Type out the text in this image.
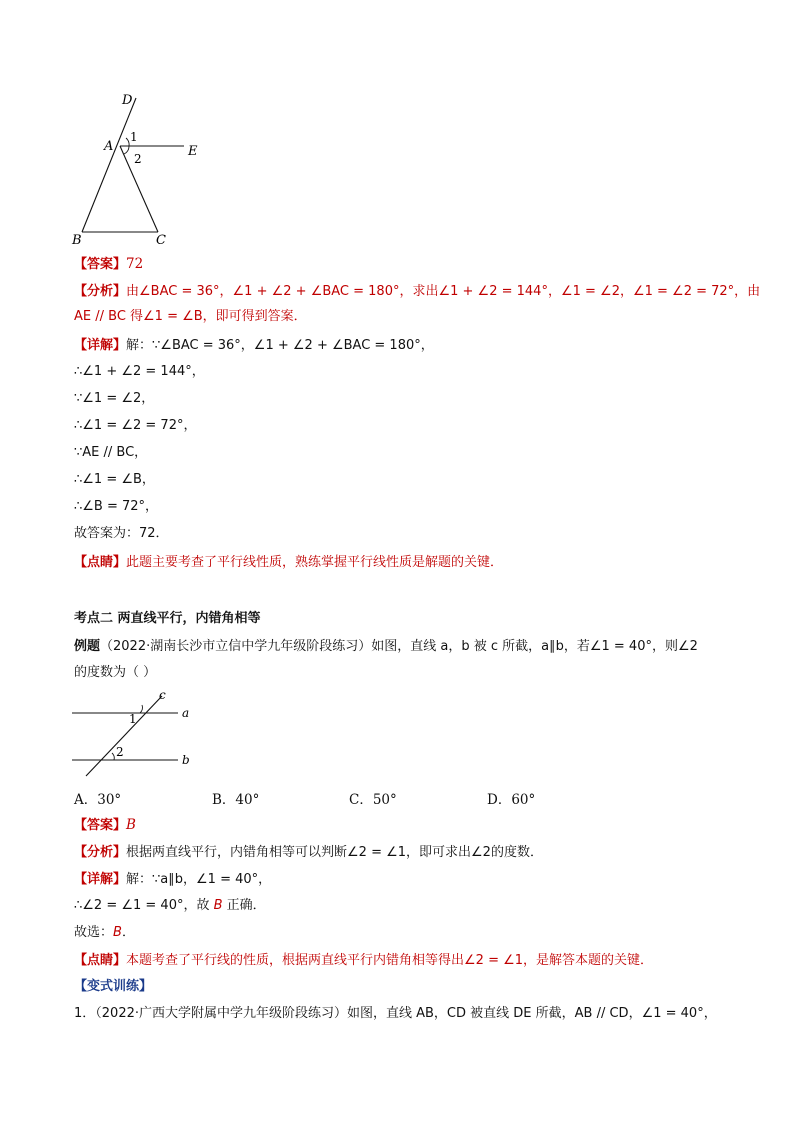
D
A	E
B	C
1
2
【答案】72
【分析】由∠BAC = 36°，∠1 + ∠2 + ∠BAC = 180°，求出∠1 + ∠2 = 144°，∠1 = ∠2，∠1 = ∠2 = 72°，由
AE // BC 得∠1 = ∠B，即可得到答案．
【详解】解：∵∠BAC = 36°，∠1 + ∠2 + ∠BAC = 180°，
∴∠1 + ∠2 = 144°，
∵∠1 = ∠2，
∴∠1 = ∠2 = 72°，
∵AE // BC，
∴∠1 = ∠B，
∴∠B = 72°，
故答案为：72．
【点睛】此题主要考查了平行线性质，熟练掌握平行线性质是解题的关键．
考点二 两直线平行，内错角相等
例题（2022·湖南长沙市立信中学九年级阶段练习）如图，直线 a，b 被 c 所截，a∥b，若∠1 = 40°，则∠2
的度数为（ ）
c
a
b
1
2
A．30°	B．40°	C．50°	D．60°
【答案】B
【分析】根据两直线平行，内错角相等可以判断∠2 = ∠1，即可求出∠2的度数．
【详解】解：∵a∥b，∠1 = 40°，
∴∠2 = ∠1 = 40°，故 B 正确．
故选：B．
【点睛】本题考查了平行线的性质，根据两直线平行内错角相等得出∠2 = ∠1，是解答本题的关键．
【变式训练】
1．（2022·广西大学附属中学九年级阶段练习）如图，直线 AB，CD 被直线 DE 所截，AB // CD，∠1 = 40°，
